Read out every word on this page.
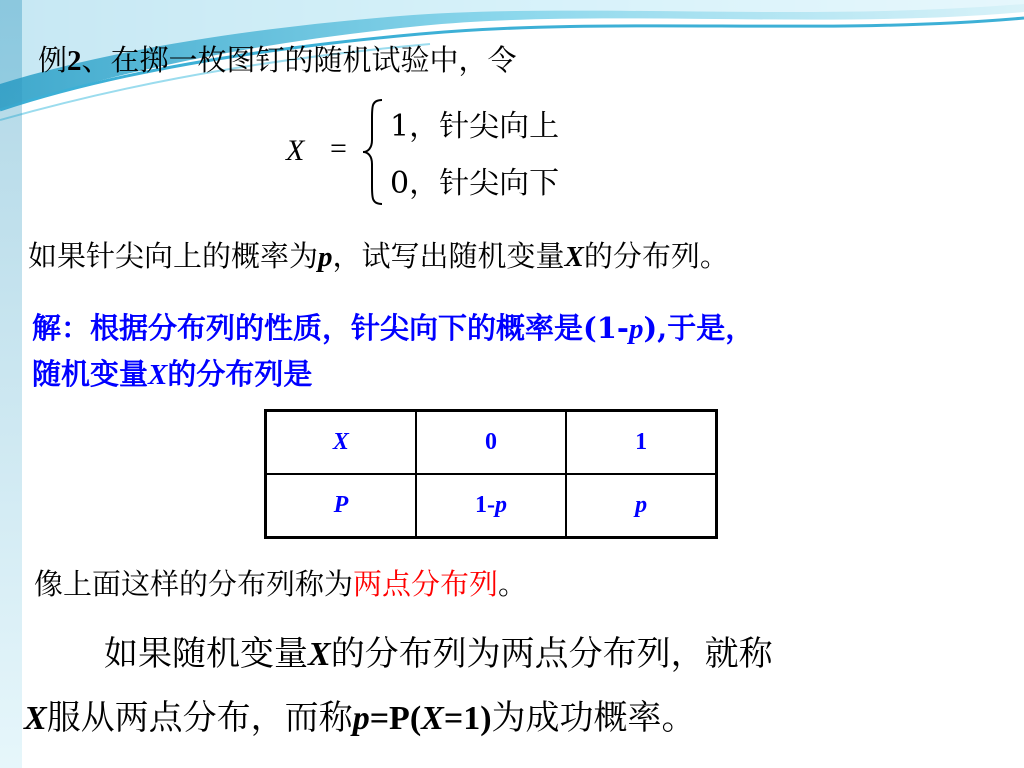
例2、在掷一枚图钉的随机试验中，令
X =
1，针尖向上
0，针尖向下
如果针尖向上的概率为p，试写出随机变量X的分布列。
解：根据分布列的性质，针尖向下的概率是(1-p),于是，
随机变量X的分布列是
X	0	1
P	1-p	p
像上面这样的分布列称为两点分布列。
如果随机变量X的分布列为两点分布列，就称
X服从两点分布，而称p=P(X=1)为成功概率。
